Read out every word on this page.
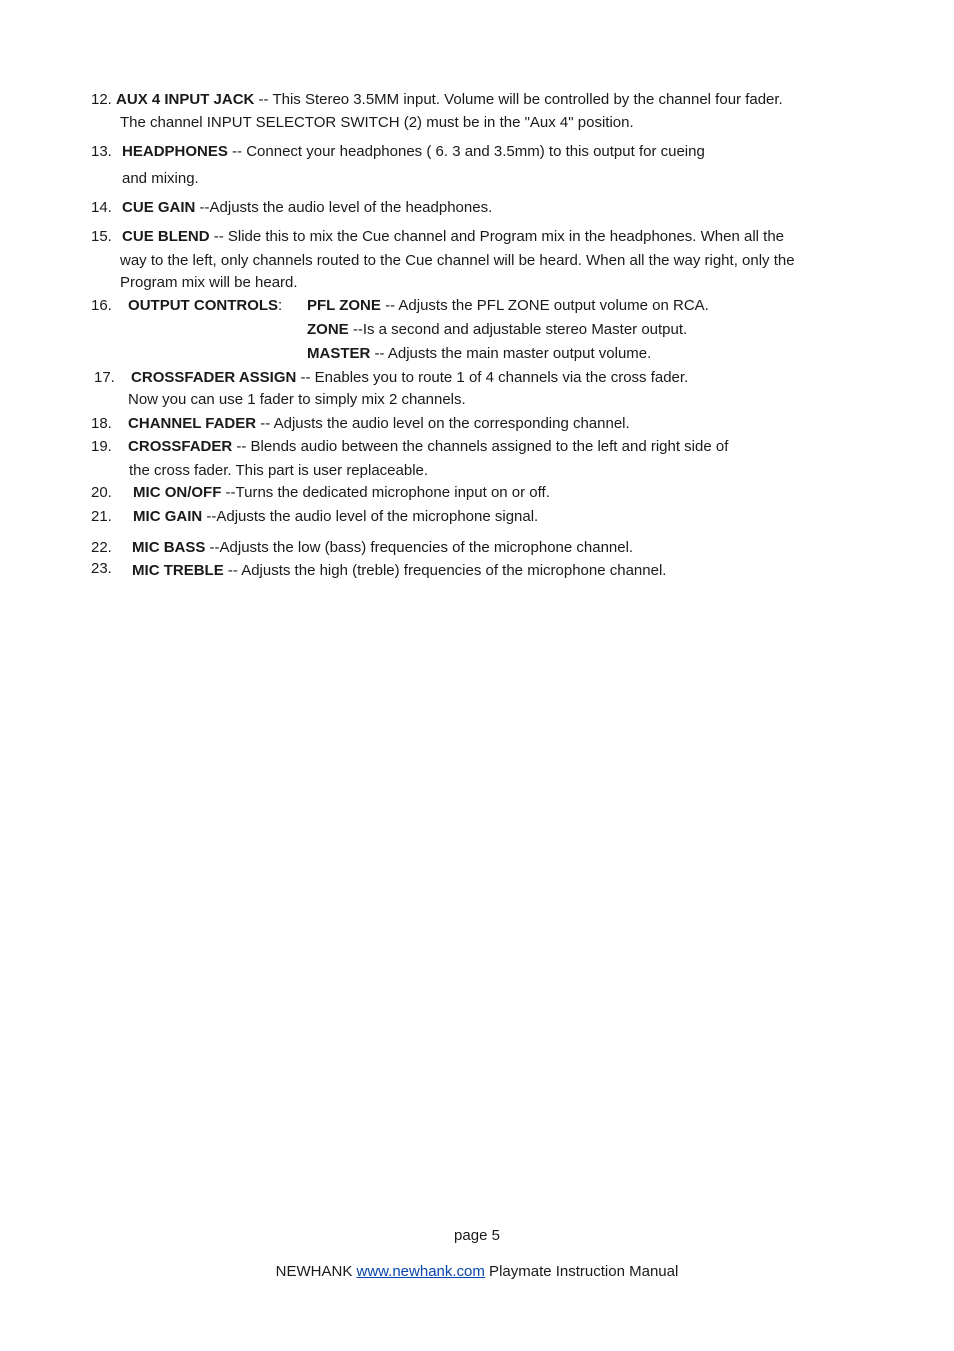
12. AUX 4 INPUT JACK -- This Stereo 3.5MM input. Volume will be controlled by the channel four fader.
The channel INPUT SELECTOR SWITCH (2) must be in the "Aux 4" position.
13. HEADPHONES -- Connect your headphones ( 6. 3 and 3.5mm) to this output for cueing
and mixing.
14. CUE GAIN --Adjusts the audio level of the headphones.
15. CUE BLEND -- Slide this to mix the Cue channel and Program mix in the headphones. When all the
way to the left, only channels routed to the Cue channel will be heard. When all the way right, only the
Program mix will be heard.
16. OUTPUT CONTROLS: PFL ZONE -- Adjusts the PFL ZONE output volume on RCA.
ZONE --Is a second and adjustable stereo Master output.
MASTER -- Adjusts the main master output volume.
17. CROSSFADER ASSIGN -- Enables you to route 1 of 4 channels via the cross fader.
Now you can use 1 fader to simply mix 2 channels.
18. CHANNEL FADER -- Adjusts the audio level on the corresponding channel.
19. CROSSFADER -- Blends audio between the channels assigned to the left and right side of
the cross fader. This part is user replaceable.
20. MIC ON/OFF --Turns the dedicated microphone input on or off.
21. MIC GAIN --Adjusts the audio level of the microphone signal.
22. MIC BASS --Adjusts the low (bass) frequencies of the microphone channel.
23. MIC TREBLE -- Adjusts the high (treble) frequencies of the microphone channel.
page 5
NEWHANK www.newhank.com Playmate Instruction Manual
